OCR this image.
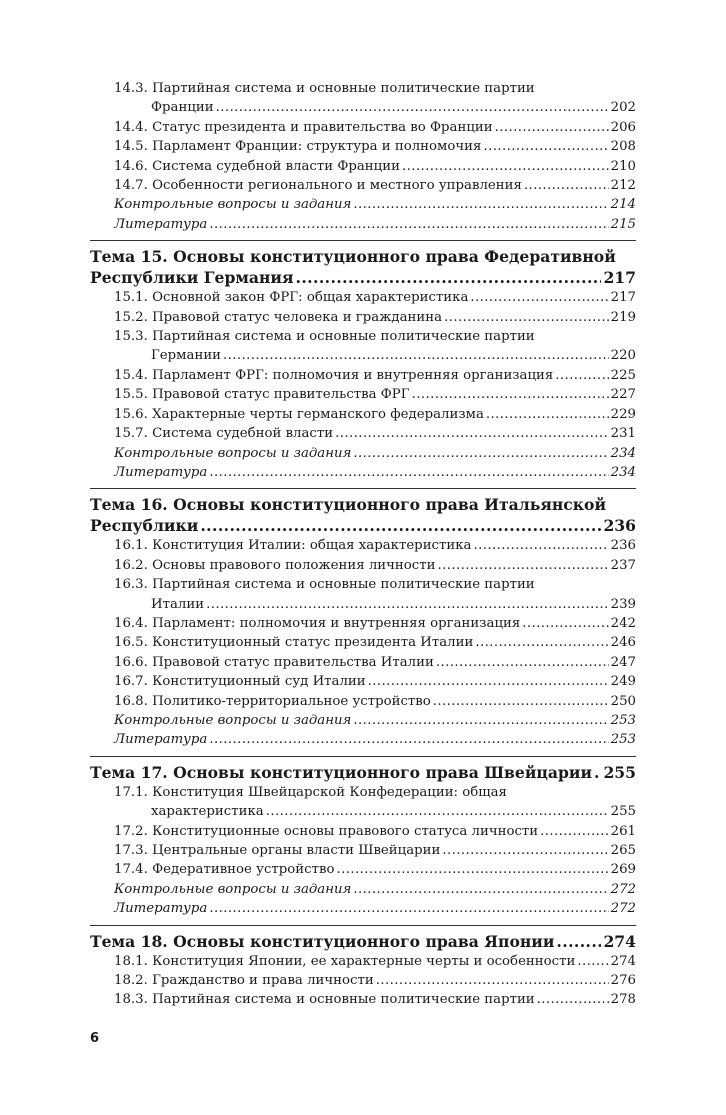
14.3. Партийная система и основные политические партии
Франции .....	202
14.4. Статус президента и правительства во Франции .....	206
14.5. Парламент Франции: структура и полномочия .....	208
14.6. Система судебной власти Франции .....	210
14.7. Особенности регионального и местного управления .....	212
Контрольные вопросы и задания .....	214
Литература .....	215
Тема 15. Основы конституционного права Федеративной
Республики Германия .....	217
15.1. Основной закон ФРГ: общая характеристика .....	217
15.2. Правовой статус человека и гражданина .....	219
15.3. Партийная система и основные политические партии
Германии .....	220
15.4. Парламент ФРГ: полномочия и внутренняя организация .....	225
15.5. Правовой статус правительства ФРГ .....	227
15.6. Характерные черты германского федерализма .....	229
15.7. Система судебной власти .....	231
Контрольные вопросы и задания .....	234
Литература .....	234
Тема 16. Основы конституционного права Итальянской
Республики .....	236
16.1. Конституция Италии: общая характеристика .....	236
16.2. Основы правового положения личности .....	237
16.3. Партийная система и основные политические партии
Италии .....	239
16.4. Парламент: полномочия и внутренняя организация .....	242
16.5. Конституционный статус президента Италии .....	246
16.6. Правовой статус правительства Италии .....	247
16.7. Конституционный суд Италии .....	249
16.8. Политико-территориальное устройство .....	250
Контрольные вопросы и задания .....	253
Литература .....	253
Тема 17. Основы конституционного права Швейцарии ..... 255
17.1. Конституция Швейцарской Конфедерации: общая
характеристика .....	255
17.2. Конституционные основы правового статуса личности .....	261
17.3. Центральные органы власти Швейцарии .....	265
17.4. Федеративное устройство .....	269
Контрольные вопросы и задания .....	272
Литература .....	272
Тема 18. Основы конституционного права Японии .....	274
18.1. Конституция Японии, ее характерные черты и особенности .....	274
18.2. Гражданство и права личности .....	276
18.3. Партийная система и основные политические партии .....	278
6
